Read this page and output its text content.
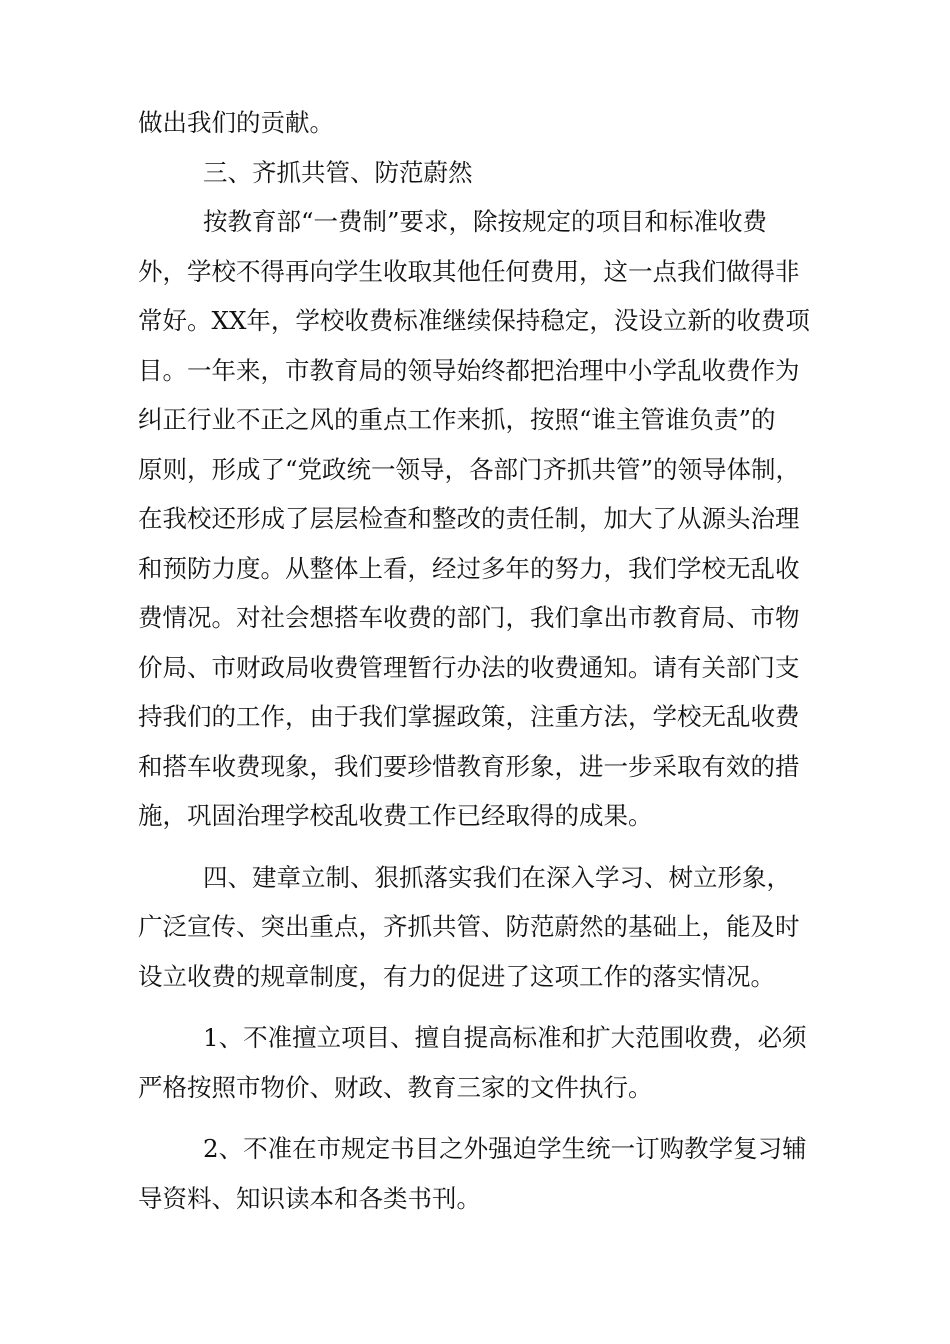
做出我们的贡献。
三、齐抓共管、防范蔚然
按教育部“一费制”要求，除按规定的项目和标准收费
外，学校不得再向学生收取其他任何费用，这一点我们做得非
常好。XX年，学校收费标准继续保持稳定，没设立新的收费项
目。一年来，市教育局的领导始终都把治理中小学乱收费作为
纠正行业不正之风的重点工作来抓，按照“谁主管谁负责”的
原则，形成了“党政统一领导，各部门齐抓共管”的领导体制，
在我校还形成了层层检查和整改的责任制，加大了从源头治理
和预防力度。从整体上看，经过多年的努力，我们学校无乱收
费情况。对社会想搭车收费的部门，我们拿出市教育局、市物
价局、市财政局收费管理暂行办法的收费通知。请有关部门支
持我们的工作，由于我们掌握政策，注重方法，学校无乱收费
和搭车收费现象，我们要珍惜教育形象，进一步采取有效的措
施，巩固治理学校乱收费工作已经取得的成果。
四、建章立制、狠抓落实我们在深入学习、树立形象，
广泛宣传、突出重点，齐抓共管、防范蔚然的基础上，能及时
设立收费的规章制度，有力的促进了这项工作的落实情况。
1、不准擅立项目、擅自提高标准和扩大范围收费，必须
严格按照市物价、财政、教育三家的文件执行。
2、不准在市规定书目之外强迫学生统一订购教学复习辅
导资料、知识读本和各类书刊。
